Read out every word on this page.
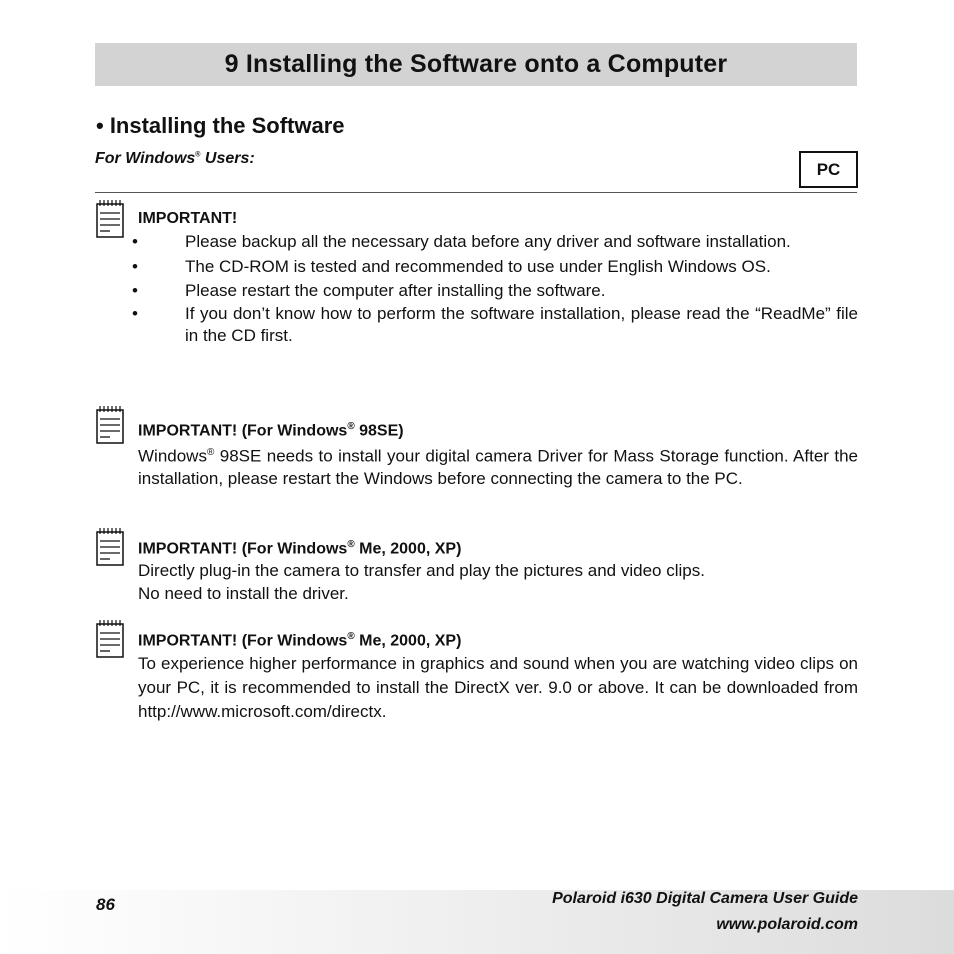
9 Installing the Software onto a Computer
• Installing the Software

For Windows® Users:

PC
IMPORTANT!
•	Please backup all the necessary data before any driver and software installation.
•	The CD-ROM is tested and recommended to use under English Windows OS.
•	Please restart the computer after installing the software.
•	If you don’t know how to perform the software installation, please read the “ReadMe” file in the CD first.
IMPORTANT! (For Windows® 98SE)
Windows® 98SE needs to install your digital camera Driver for Mass Storage function. After the installation, please restart the Windows before connecting the camera to the PC.
IMPORTANT! (For Windows® Me, 2000, XP)
Directly plug-in the camera to transfer and play the pictures and video clips.
No need to install the driver.
IMPORTANT! (For Windows® Me, 2000, XP)
To experience higher performance in graphics and sound when you are watching video clips on your PC, it is recommended to install the DirectX ver. 9.0 or above. It can be downloaded from http://www.microsoft.com/directx.
86	Polaroid i630 Digital Camera User Guide
www.polaroid.com
